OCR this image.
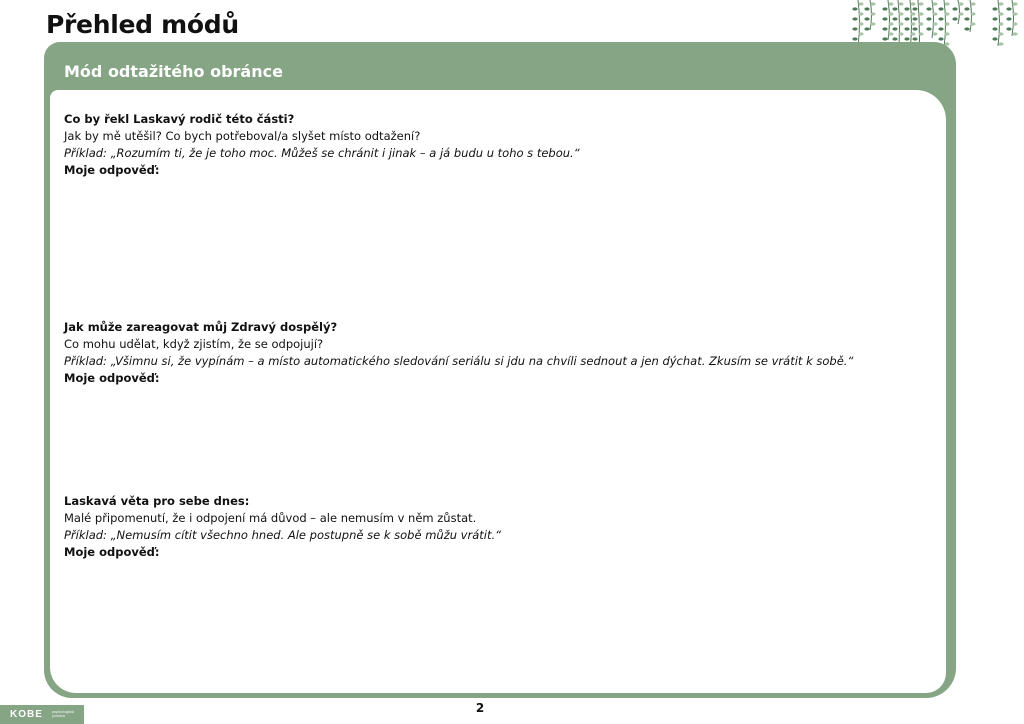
Přehled módů
Mód odtažitého obránce
Co by řekl Laskavý rodič této části?
Jak by mě utěšil? Co bych potřeboval/a slyšet místo odtažení?
Příklad: „Rozumím ti, že je toho moc. Můžeš se chránit i jinak – a já budu u toho s tebou.“
Moje odpověď:
Jak může zareagovat můj Zdravý dospělý?
Co mohu udělat, když zjistím, že se odpojují?
Příklad: „Všimnu si, že vypínám – a místo automatického sledování seriálu si jdu na chvíli sednout a jen dýchat. Zkusím se vrátit k sobě.“
Moje odpověď:
Laskavá věta pro sebe dnes:
Malé připomenutí, že i odpojení má důvod – ale nemusím v něm zůstat.
Příklad: „Nemusím cítit všechno hned. Ale postupně se k sobě můžu vrátit.“
Moje odpověď:
2
KOBE	psychologická poradna
